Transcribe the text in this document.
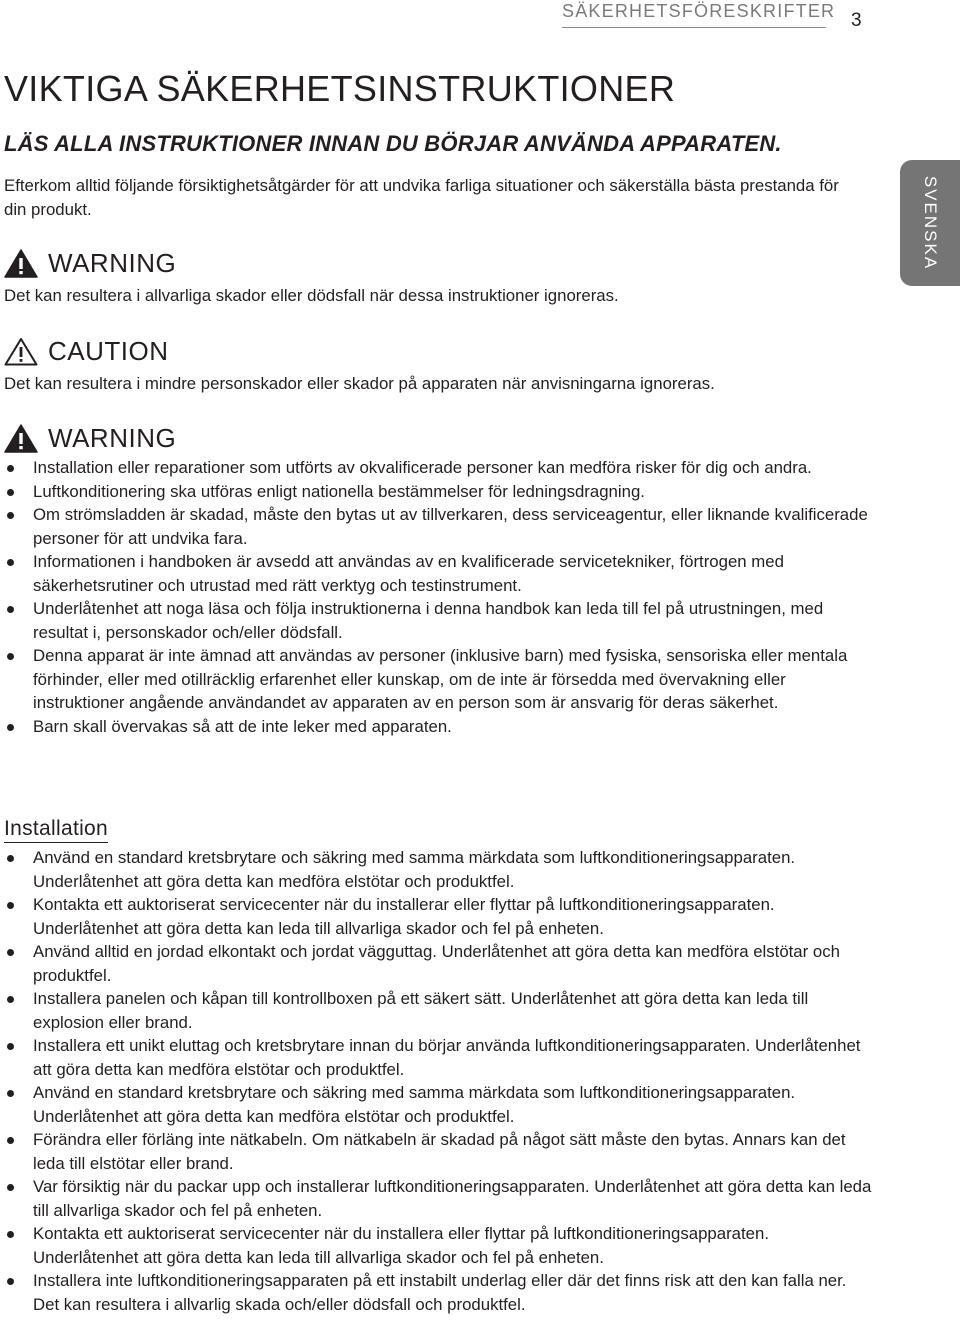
SÄKERHETSFÖRESKRIFTER 3
SVENSKA
VIKTIGA SÄKERHETSINSTRUKTIONER
LÄS ALLA INSTRUKTIONER INNAN DU BÖRJAR ANVÄNDA APPARATEN.
Efterkom alltid följande försiktighetsåtgärder för att undvika farliga situationer och säkerställa bästa prestanda för din produkt.
WARNING
Det kan resultera i allvarliga skador eller dödsfall när dessa instruktioner ignoreras.
CAUTION
Det kan resultera i mindre personskador eller skador på apparaten när anvisningarna ignoreras.
WARNING
Installation eller reparationer som utförts av okvalificerade personer kan medföra risker för dig och andra.
Luftkonditionering ska utföras enligt nationella bestämmelser för ledningsdragning.
Om strömsladden är skadad, måste den bytas ut av tillverkaren, dess serviceagentur, eller liknande kvalificerade personer för att undvika fara.
Informationen i handboken är avsedd att användas av en kvalificerade servicetekniker, förtrogen med säkerhetsrutiner och utrustad med rätt verktyg och testinstrument.
Underlåtenhet att noga läsa och följa instruktionerna i denna handbok kan leda till fel på utrustningen, med resultat i, personskador och/eller dödsfall.
Denna apparat är inte ämnad att användas av personer (inklusive barn) med fysiska, sensoriska eller mentala förhinder, eller med otillräcklig erfarenhet eller kunskap, om de inte är försedda med övervakning eller instruktioner angående användandet av apparaten av en person som är ansvarig för deras säkerhet.
Barn skall övervakas så att de inte leker med apparaten.
Installation
Använd en standard kretsbrytare och säkring med samma märkdata som luftkonditioneringsapparaten. Underlåtenhet att göra detta kan medföra elstötar och produktfel.
Kontakta ett auktoriserat servicecenter när du installerar eller flyttar på luftkonditioneringsapparaten. Underlåtenhet att göra detta kan leda till allvarliga skador och fel på enheten.
Använd alltid en jordad elkontakt och jordat vägguttag. Underlåtenhet att göra detta kan medföra elstötar och produktfel.
Installera panelen och kåpan till kontrollboxen på ett säkert sätt. Underlåtenhet att göra detta kan leda till explosion eller brand.
Installera ett unikt eluttag och kretsbrytare innan du börjar använda luftkonditioneringsapparaten. Underlåtenhet att göra detta kan medföra elstötar och produktfel.
Använd en standard kretsbrytare och säkring med samma märkdata som luftkonditioneringsapparaten. Underlåtenhet att göra detta kan medföra elstötar och produktfel.
Förändra eller förläng inte nätkabeln. Om nätkabeln är skadad på något sätt måste den bytas. Annars kan det leda till elstötar eller brand.
Var försiktig när du packar upp och installerar luftkonditioneringsapparaten. Underlåtenhet att göra detta kan leda till allvarliga skador och fel på enheten.
Kontakta ett auktoriserat servicecenter när du installera eller flyttar på luftkonditioneringsapparaten. Underlåtenhet att göra detta kan leda till allvarliga skador och fel på enheten.
Installera inte luftkonditioneringsapparaten på ett instabilt underlag eller där det finns risk att den kan falla ner. Det kan resultera i allvarlig skada och/eller dödsfall och produktfel.
